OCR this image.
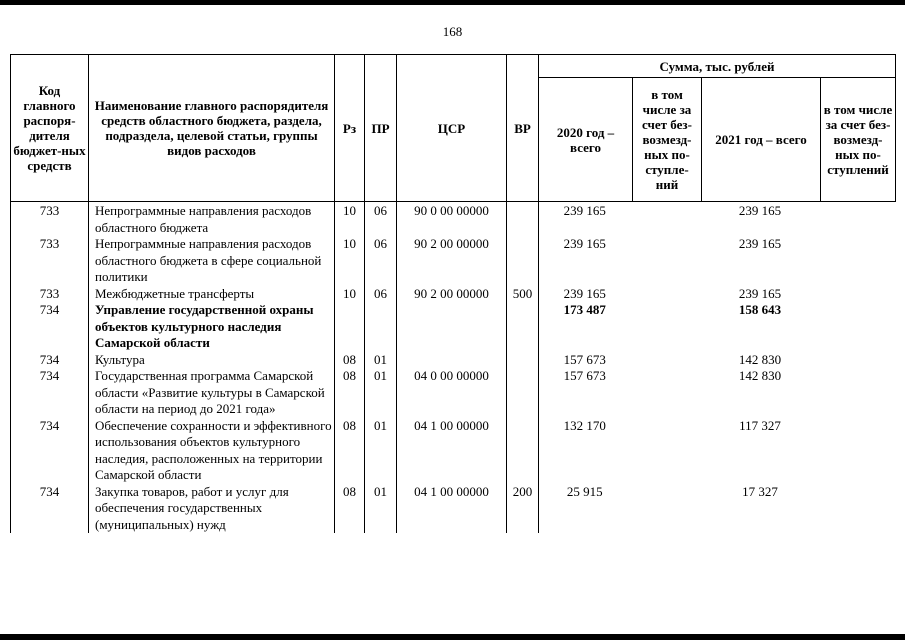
168
Код главного распоря-дителя бюджет-ных средств	Наименование главного распорядителя средств областного бюджета, раздела, подраздела, целевой статьи, группы видов расходов	Рз	ПР	ЦСР	ВР	Сумма, тыс. рублей			
						2020 год – всего	в том числе за счет без-возмезд-ных по-ступле-ний	2021 год – всего	в том числе за счет без-возмезд-ных по-ступлений
733	Непрограммные направления расходов областного бюджета	10	06	90 0 00 00000		239 165		239 165	
733	Непрограммные направления расходов областного бюджета в сфере социальной политики	10	06	90 2 00 00000		239 165		239 165	
733	Межбюджетные трансферты	10	06	90 2 00 00000	500	239 165		239 165	
734	Управление государственной охраны объектов культурного наследия Самарской области					173 487		158 643	
734	Культура	08	01			157 673		142 830	
734	Государственная программа Самарской области «Развитие культуры в Самарской области на период до 2021 года»	08	01	04 0 00 00000		157 673		142 830	
734	Обеспечение сохранности и эффективного использования объектов культурного наследия, расположенных на территории Самарской области	08	01	04 1 00 00000		132 170		117 327	
734	Закупка товаров, работ и услуг для обеспечения государственных (муниципальных) нужд	08	01	04 1 00 00000	200	25 915		17 327	
